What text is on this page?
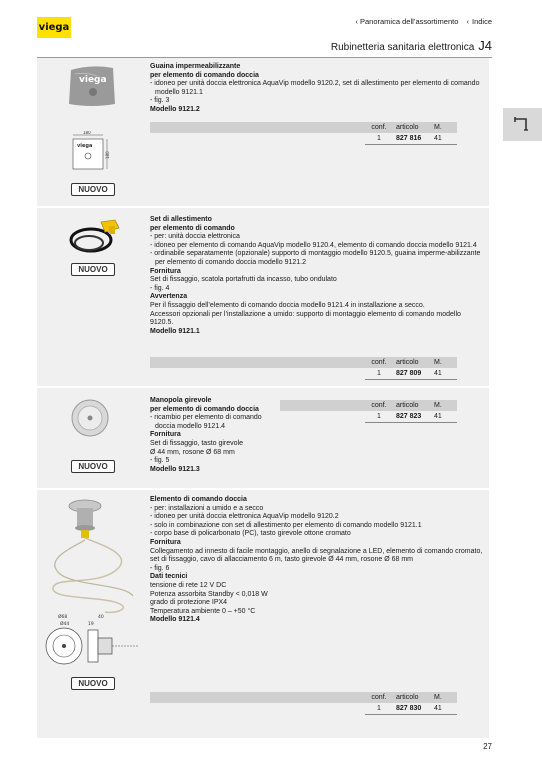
viega
‹ Panoramica dell’assortimento ‹ Indice
Rubinetteria sanitaria elettronica J4
viega
180
viega
180
NUOVO
Guaina impermeabilizzante
per elemento di comando doccia
- idoneo per unità doccia elettronica AquaVip modello 9120.2, set di allestimento per elemento di comando modello 9121.1
- fig. 3
Modello 9121.2
conf.	articolo	M.
1	827 816	41
NUOVO
Set di allestimento
per elemento di comando
- per: unità doccia elettronica
- idoneo per elemento di comando AquaVip modello 9120.4, elemento di comando doccia modello 9121.4
- ordinabile separatamente (opzionale) supporto di montaggio modello 9120.5, guaina imperme-abilizzante per elemento di comando doccia modello 9121.2
Fornitura
Set di fissaggio, scatola portafrutti da incasso, tubo ondulato
- fig. 4
Avvertenza
Per il fissaggio dell’elemento di comando doccia modello 9121.4 in installazione a secco.
Accessori opzionali per l’installazione a umido: supporto di montaggio elemento di comando modello 9120.5.
Modello 9121.1
conf.	articolo	M.
1	827 809	41
NUOVO
Manopola girevole
per elemento di comando doccia
- ricambio per elemento di comando doccia modello 9121.4
Fornitura
Set di fissaggio, tasto girevole
Ø 44 mm, rosone Ø 68 mm
- fig. 5
Modello 9121.3
conf.	articolo	M.
1	827 823	41
Ø68
Ø44
40
19
NUOVO
Elemento di comando doccia
- per: installazioni a umido e a secco
- idoneo per unità doccia elettronica AquaVip modello 9120.2
- solo in combinazione con set di allestimento per elemento di comando modello 9121.1
- corpo base di policarbonato (PC), tasto girevole ottone cromato
Fornitura
Collegamento ad innesto di facile montaggio, anello di segnalazione a LED, elemento di comando cromato, set di fissaggio, cavo di allacciamento 6 m, tasto girevole Ø 44 mm, rosone Ø 68 mm
- fig. 6
Dati tecnici
tensione di rete 12 V DC
Potenza assorbita Standby < 0,018 W
grado di protezione IPX4
Temperatura ambiente 0 – +50 °C
Modello 9121.4
conf.	articolo	M.
1	827 830	41
27
